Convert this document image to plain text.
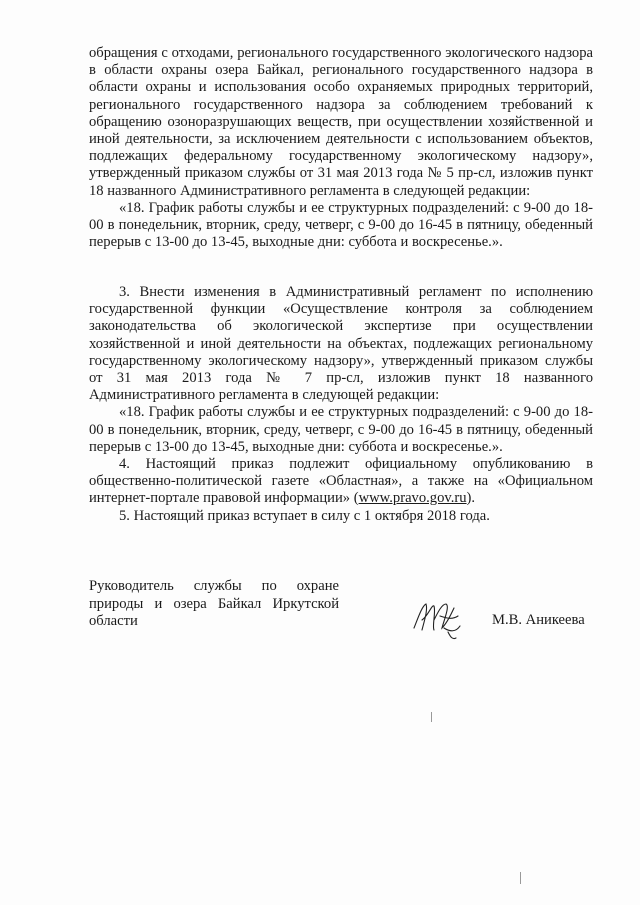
обращения с отходами, регионального государственного экологического надзора в области охраны озера Байкал, регионального государственного надзора в области охраны и использования особо охраняемых природных территорий, регионального государственного надзора за соблюдением требований к обращению озоноразрушающих веществ, при осуществлении хозяйственной и иной деятельности, за исключением деятельности с использованием объектов, подлежащих федеральному государственному экологическому надзору», утвержденный приказом службы от 31 мая 2013 года № 5 пр-сл, изложив пункт 18 названного Административного регламента в следующей редакции:

«18. График работы службы и ее структурных подразделений: с 9-00 до 18-00 в понедельник, вторник, среду, четверг, с 9-00 до 16-45 в пятницу, обеденный перерыв с 13-00 до 13-45, выходные дни: суббота и воскресенье.».

3. Внести изменения в Административный регламент по исполнению государственной функции «Осуществление контроля за соблюдением законодательства об экологической экспертизе при осуществлении хозяйственной и иной деятельности на объектах, подлежащих региональному государственному экологическому надзору», утвержденный приказом службы от 31 мая 2013 года № 7 пр-сл, изложив пункт 18 названного Административного регламента в следующей редакции:

«18. График работы службы и ее структурных подразделений: с 9-00 до 18-00 в понедельник, вторник, среду, четверг, с 9-00 до 16-45 в пятницу, обеденный перерыв с 13-00 до 13-45, выходные дни: суббота и воскресенье.».

4. Настоящий приказ подлежит официальному опубликованию в общественно-политической газете «Областная», а также на «Официальном интернет-портале правовой информации» (www.pravo.gov.ru).

5. Настоящий приказ вступает в силу с 1 октября 2018 года.

Руководитель службы по охране природы и озера Байкал Иркутской области	М.В. Аникеева
